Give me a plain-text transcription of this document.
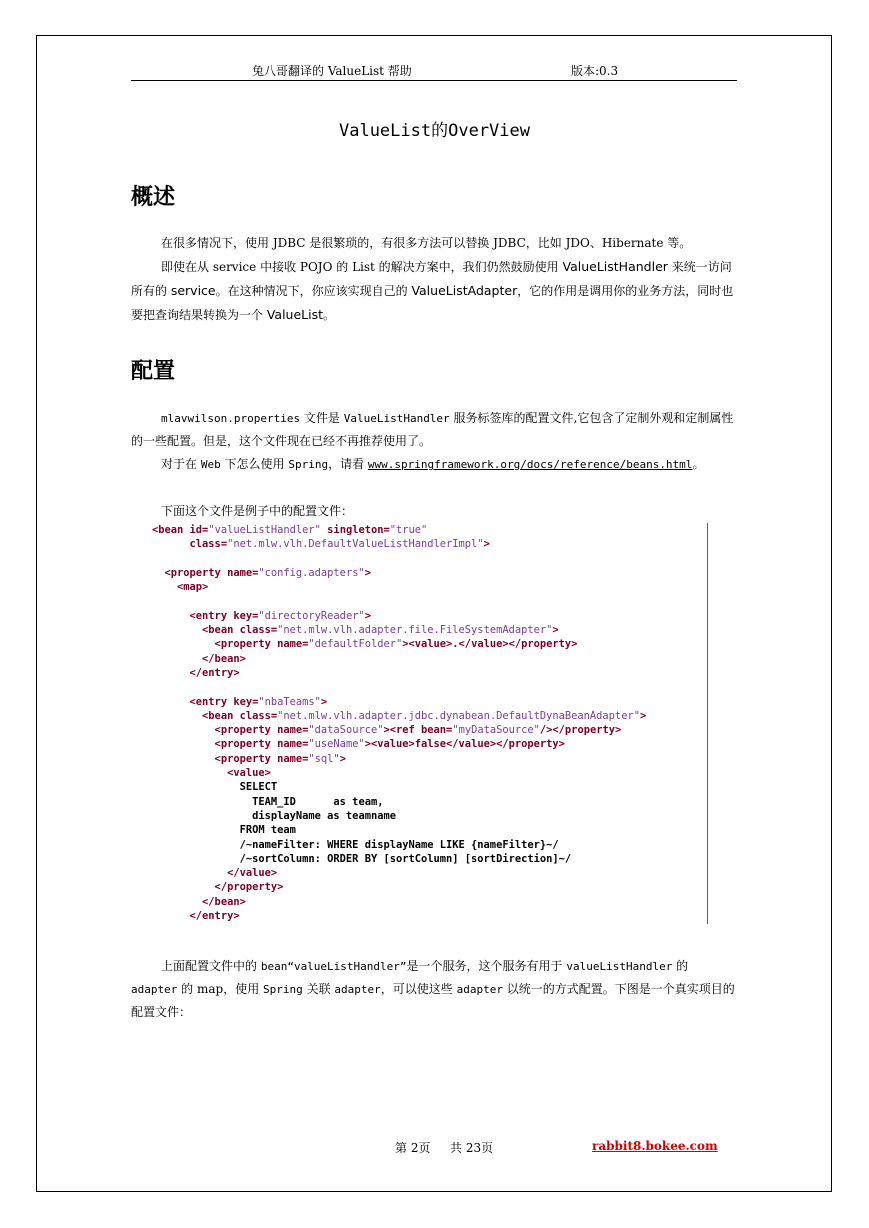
兔八哥翻译的 ValueList 帮助	版本:0.3
ValueList的OverView
概述

在很多情况下，使用 JDBC 是很繁琐的，有很多方法可以替换 JDBC，比如 JDO、Hibernate 等。

即使在从 service 中接收 POJO 的 List 的解决方案中，我们仍然鼓励使用 ValueListHandler 来统一访问所有的 service。在这种情况下，你应该实现自己的 ValueListAdapter，它的作用是调用你的业务方法，同时也要把查询结果转换为一个 ValueList。

配置

mlavwilson.properties 文件是 ValueListHandler 服务标签库的配置文件,它包含了定制外观和定制属性的一些配置。但是，这个文件现在已经不再推荐使用了。

对于在 Web 下怎么使用 Spring，请看 www.springframework.org/docs/reference/beans.html。

下面这个文件是例子中的配置文件：

<bean id="valueListHandler" singleton="true"
class="net.mlw.vlh.DefaultValueListHandlerImpl">
<property name="config.adapters">
<map>
<entry key="directoryReader">
<bean class="net.mlw.vlh.adapter.file.FileSystemAdapter">
<property name="defaultFolder"><value>.</value></property>
</bean>
</entry>
<entry key="nbaTeams">
<bean class="net.mlw.vlh.adapter.jdbc.dynabean.DefaultDynaBeanAdapter">
<property name="dataSource"><ref bean="myDataSource"/></property>
<property name="useName"><value>false</value></property>
<property name="sql">
<value>
SELECT
TEAM_ID      as team,
displayName as teamname
FROM team
/~nameFilter: WHERE displayName LIKE {nameFilter}~/
/~sortColumn: ORDER BY [sortColumn] [sortDirection]~/
</value>
</property>
</bean>
</entry>

上面配置文件中的 bean“valueListHandler”是一个服务，这个服务有用于 valueListHandler 的 adapter 的 map，使用 Spring 关联 adapter，可以使这些 adapter 以统一的方式配置。下图是一个真实项目的配置文件：

第 2页 共 23页	rabbit8.bokee.com
